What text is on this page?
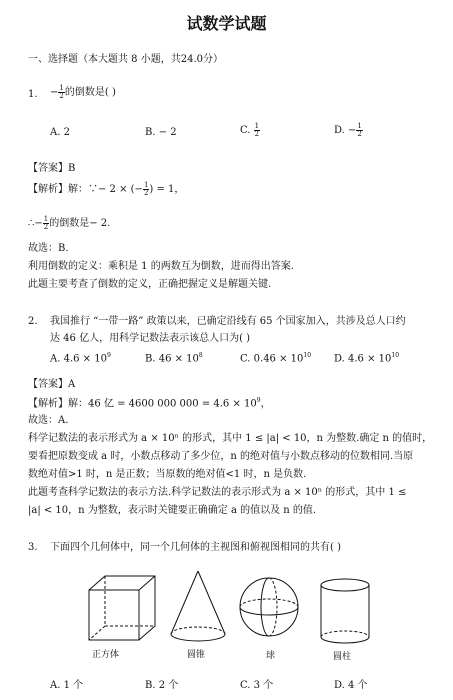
试数学试题
一、选择题（本大题共 8 小题，共24.0分）
1. − $\frac{1}{2}$ 的倒数是( )
A. 2	B. − 2	C. $\frac{1}{2}$	D. − $\frac{1}{2}$
【答案】B
【解析】解：∵− 2 × (− $\frac{1}{2}$ ) = 1，
∴− $\frac{1}{2}$ 的倒数是− 2.
故选：B.
利用倒数的定义：乘积是 1 的两数互为倒数，进而得出答案.
此题主要考查了倒数的定义，正确把握定义是解题关键.
2. 我国推行 “一带一路” 政策以来，已确定沿线有 65 个国家加入，共涉及总人口约
达 46 亿人，用科学记数法表示该总人口为( )
A. $4.6 \times 10^9$	B. $46 \times 10^8$	C. $0.46 \times 10^{10}$ D. $4.6 \times 10^{10}$
【答案】A
【解析】解：46 亿 = 4600 000 $000 = 4.6 \times 10^9$，
故选：A.
科学记数法的表示形式为 a × 10ⁿ 的形式，其中 1 ≤ |a| < 10，n 为整数.确定 n 的值时，
要看把原数变成 a 时，小数点移动了多少位，n 的绝对值与小数点移动的位数相同.当原
数绝对值>1 时，n 是正数；当原数的绝对值<1 时，n 是负数.
此题考查科学记数法的表示方法.科学记数法的表示形式为 a × 10ⁿ 的形式，其中 1 ≤
|a| < 10，n 为整数，表示时关键要正确确定 a 的值以及 n 的值.
3. 下面四个几何体中，同一个几何体的主视图和俯视图相同的共有( )
正方体	圆锥	球	圆柱
A. 1 个	B. 2 个	C. 3 个	D. 4 个
